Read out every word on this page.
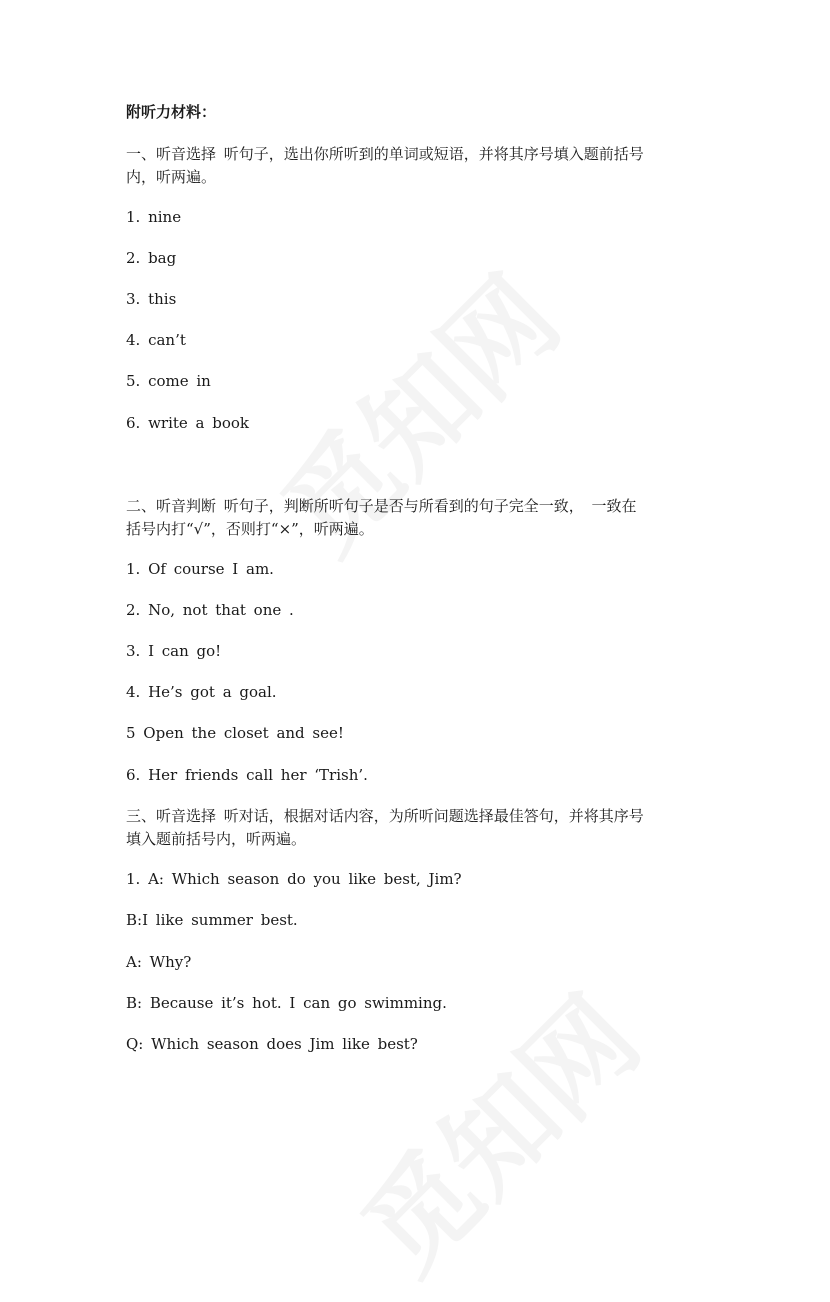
附听力材料：

一、听音选择 听句子，选出你所听到的单词或短语，并将其序号填入题前括号

内，听两遍。

1. nine

2. bag

3. this

4. can’t

5. come in

6. write a book

二、听音判断 听句子，判断所听句子是否与所看到的句子完全一致， 一致在

括号内打“√”，否则打“×”，听两遍。

1. Of course I am.

2. No, not that one .

3. I can go!

4. He’s got a goal.

5 Open the closet and see!

6. Her friends call her ‘Trish’.

三、听音选择 听对话，根据对话内容，为所听问题选择最佳答句，并将其序号

填入题前括号内，听两遍。

1. A: Which season do you like best, Jim?

B:I like summer best.

A: Why?

B: Because it’s hot. I can go swimming.

Q: Which season does Jim like best?
